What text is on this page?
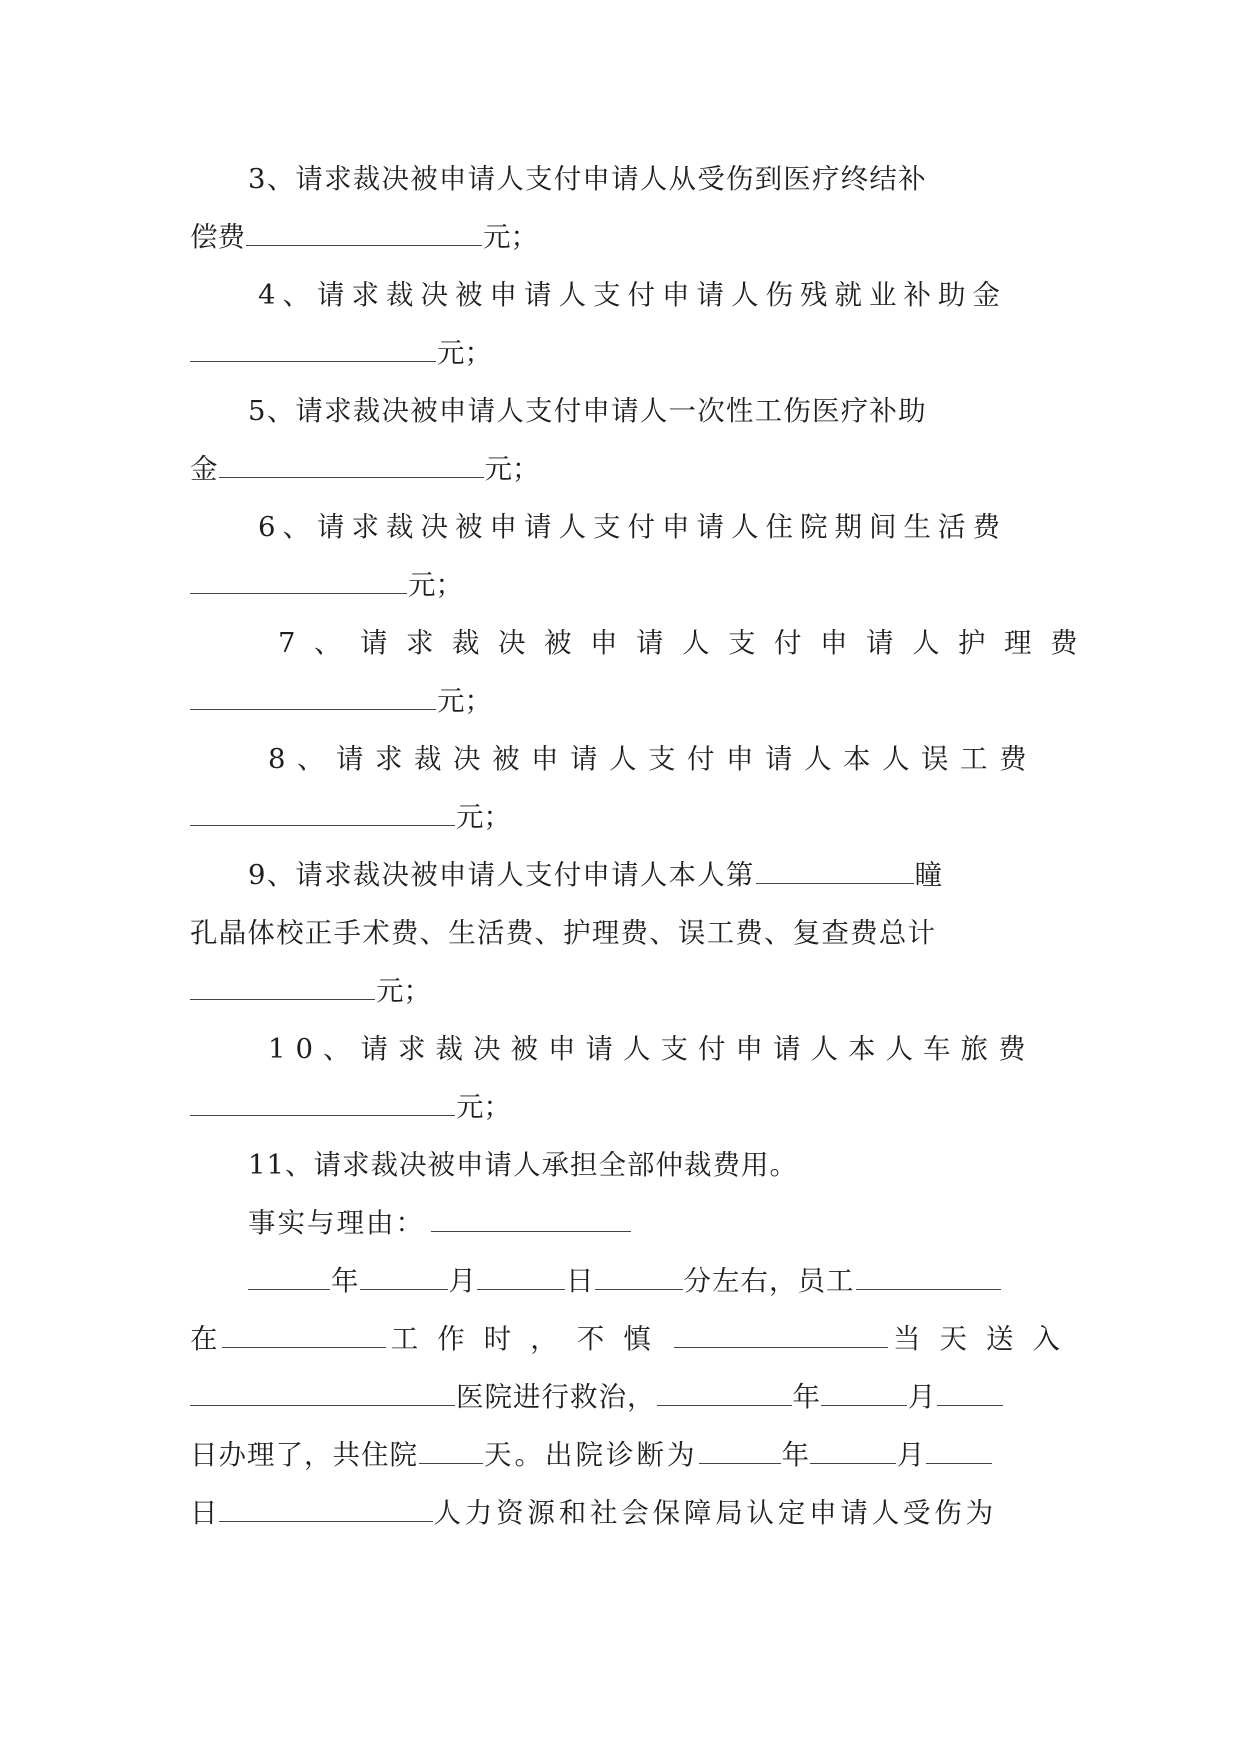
3、请求裁决被申请人支付申请人从受伤到医疗终结补
偿费	元；
4、请求裁决被申请人支付申请人伤残就业补助金
元；
5、请求裁决被申请人支付申请人一次性工伤医疗补助
金	元；
6、请求裁决被申请人支付申请人住院期间生活费
元；
7、请求裁决被申请人支付申请人护理费
元；
8、请求裁决被申请人支付申请人本人误工费
元；
9、请求裁决被申请人支付申请人本人第	瞳
孔晶体校正手术费、生活费、护理费、误工费、复查费总计
元；
10、请求裁决被申请人支付申请人本人车旅费
元；
11、请求裁决被申请人承担全部仲裁费用。
事实与理由：
年	月	日	分左右，员工
在	工作时，不慎	当天送入
医院进行救治，	年	月
日办理了，共住院 天。出院诊断为	年	月
日	人力资源和社会保障局认定申请人受伤为
